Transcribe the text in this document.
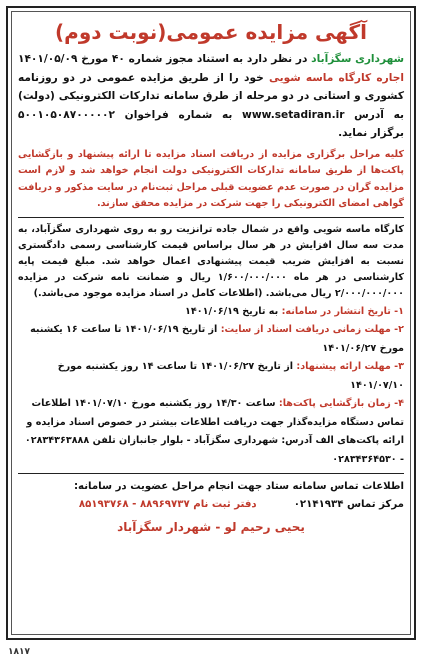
آگهی مزایده عمومی(نوبت دوم)

شهرداری سگزآباد در نظر دارد به استناد مجوز شماره ۴۰ مورخ ۱۴۰۱/۰۵/۰۹ اجاره کارگاه ماسه شویی خود را از طریق مزایده عمومی در دو روزنامه کشوری و استانی در دو مرحله از طرق سامانه تدارکات الکترونیکی (دولت) به آدرس www.setadiran.ir به شماره فراخوان ۵۰۰۱۰۵۰۸۷۰۰۰۰۰۲ برگزار نماید.

کلیه مراحل برگزاری مزایده از دریافت اسناد مزایده تا ارائه پیشنهاد و بازگشایی پاکت‌ها از طریق سامانه تدارکات الکترونیکی دولت انجام خواهد شد و لازم است مزایده گران در صورت عدم عضویت قبلی مراحل ثبت‌نام در سایت مذکور و دریافت گواهی امضای الکترونیکی را جهت شرکت در مزایده محقق سازند.

کارگاه ماسه شویی واقع در شمال جاده ترانزیت رو به روی شهرداری سگزآباد، به مدت سه سال افزایش در هر سال براساس قیمت کارشناسی رسمی دادگستری نسبت به افزایش ضریب قیمت پیشنهادی اعمال خواهد شد. مبلغ قیمت پایه کارشناسی در هر ماه ۱/۶۰۰/۰۰۰/۰۰۰ ریال و ضمانت نامه شرکت در مزایده ۲/۰۰۰/۰۰۰/۰۰۰ ریال می‌باشد. (اطلاعات کامل در اسناد مزایده موجود می‌باشد.)

۱- تاریخ انتشار در سامانه: به تاریخ ۱۴۰۱/۰۶/۱۹

۲- مهلت زمانی دریافت اسناد از سایت: از تاریخ ۱۴۰۱/۰۶/۱۹ تا ساعت ۱۶ یکشنبه مورخ ۱۴۰۱/۰۶/۲۷

۳- مهلت ارائه پیشنهاد: از تاریخ ۱۴۰۱/۰۶/۲۷ تا ساعت ۱۴ روز یکشنبه مورخ ۱۴۰۱/۰۷/۱۰

۴- زمان بازگشایی پاکت‌ها: ساعت ۱۴/۳۰ روز یکشنبه مورخ ۱۴۰۱/۰۷/۱۰ اطلاعات تماس دستگاه مزایده‌گذار جهت دریافت اطلاعات بیشتر در خصوص اسناد مزایده و ارائه پاکت‌های الف آدرس: شهرداری سگزآباد - بلوار جانبازان تلفن ۰۲۸۳۴۳۶۳۸۸۸ - ۰۲۸۳۴۳۶۴۵۳۰

اطلاعات تماس سامانه ستاد جهت انجام مراحل عضویت در سامانه:

مرکز تماس ۰۲۱۴۱۹۳۴  دفتر ثبت نام ۸۸۹۶۹۷۳۷ - ۸۵۱۹۳۷۶۸

یحیی رحیم لو - شهردار سگزآباد
۱۸۱۷
